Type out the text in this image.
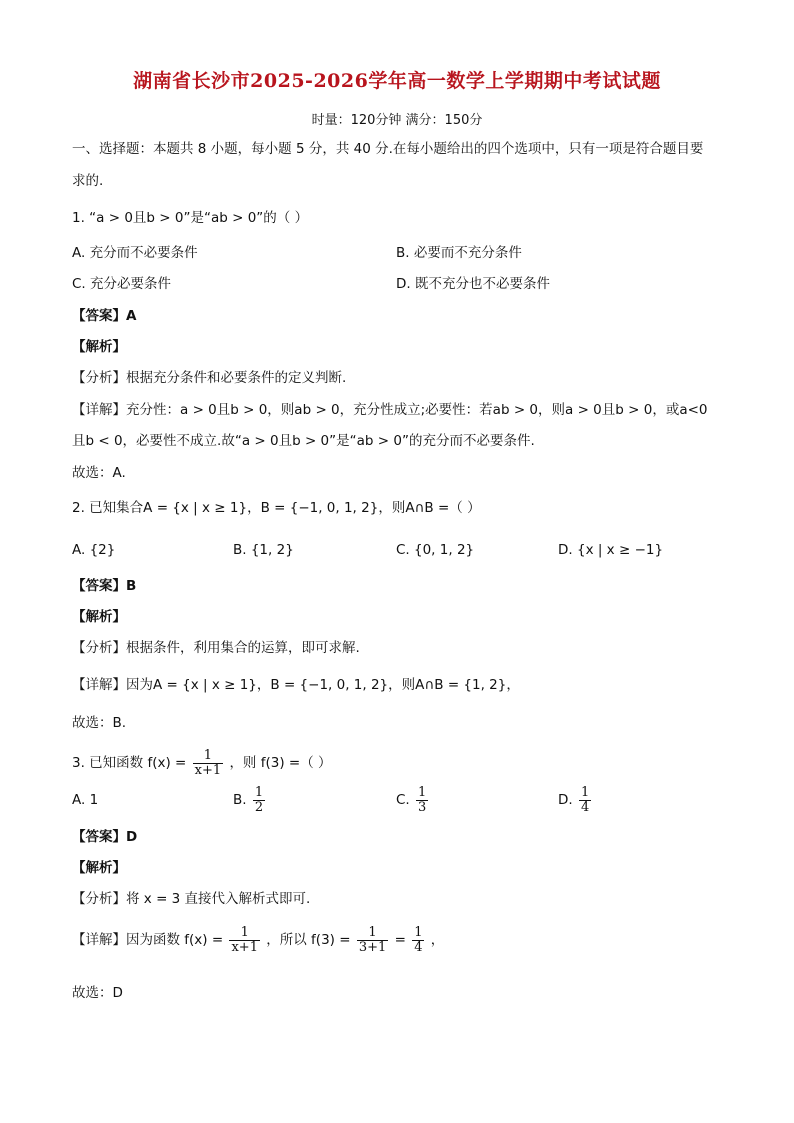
湖南省长沙市2025-2026学年高一数学上学期期中考试试题
时量：120分钟 满分：150分
一、选择题：本题共 8 小题，每小题 5 分，共 40 分.在每小题给出的四个选项中，只有一项是符合题目要
求的.
1. “a > 0且b > 0”是“ab > 0”的（ ）
A. 充分而不必要条件	B. 必要而不充分条件
C. 充分必要条件	D. 既不充分也不必要条件
【答案】A
【解析】
【分析】根据充分条件和必要条件的定义判断.
【详解】充分性：a > 0且b > 0，则ab > 0，充分性成立;必要性：若ab > 0，则a > 0且b > 0，或a<0
且b < 0，必要性不成立.故“a > 0且b > 0”是“ab > 0”的充分而不必要条件.
故选：A.
2. 已知集合A = {x | x ≥ 1}，B = {−1, 0, 1, 2}，则A∩B =（ ）
A. {2}	B. {1, 2}	C. {0, 1, 2}	D. {x | x ≥ −1}
【答案】B
【解析】
【分析】根据条件，利用集合的运算，即可求解.
【详解】因为A = {x | x ≥ 1}，B = {−1, 0, 1, 2}，则A∩B = {1, 2}，
故选：B.
3. 已知函数 $f(x) = \frac{1}{x+1}$ ，则 f(3) =（ ）
A. 1	B. $\frac{1}{2}$	C. $\frac{1}{3}$	D. $\frac{1}{4}$
【答案】D
【解析】
【分析】将 x = 3 直接代入解析式即可.
【详解】因为函数 $f(x) = \frac{1}{x+1}$ ，所以 $f(3) = \frac{1}{3+1} = \frac{1}{4}$ ，
故选：D
